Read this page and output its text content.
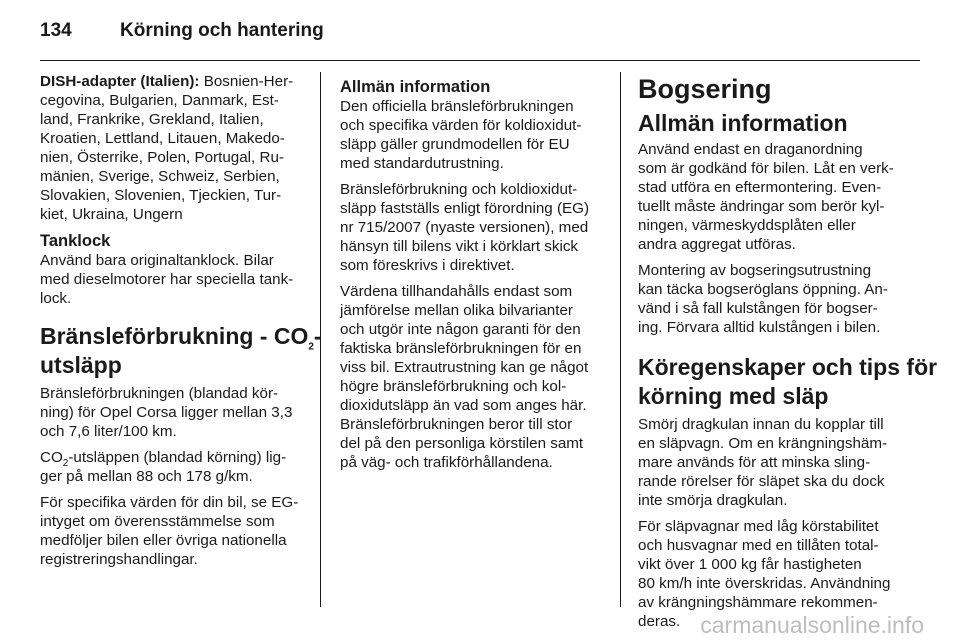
134	Körning och hantering

DISH-adapter (Italien): Bosnien-Her-
cegovina, Bulgarien, Danmark, Est-
land, Frankrike, Grekland, Italien,
Kroatien, Lettland, Litauen, Makedo-
nien, Österrike, Polen, Portugal, Ru-
mänien, Sverige, Schweiz, Serbien,
Slovakien, Slovenien, Tjeckien, Tur-
kiet, Ukraina, Ungern

Tanklock

Använd bara originaltanklock. Bilar
med dieselmotorer har speciella tank-
lock.

Bränsleförbrukning - $CO_2-$
utsläpp

Bränsleförbrukningen (blandad kör-
ning) för Opel Corsa ligger mellan 3,3
och 7,6 liter/100 km.

$CO_2$-utsläppen (blandad körning) lig-
ger på mellan 88 och 178 g/km.

För specifika värden för din bil, se EG-
intyget om överensstämmelse som
medföljer bilen eller övriga nationella
registreringshandlingar.

Allmän information

Den officiella bränsleförbrukningen
och specifika värden för koldioxidut-
släpp gäller grundmodellen för EU
med standardutrustning.

Bränsleförbrukning och koldioxidut-
släpp fastställs enligt förordning (EG)
nr 715/2007 (nyaste versionen), med
hänsyn till bilens vikt i körklart skick
som föreskrivs i direktivet.

Värdena tillhandahålls endast som
jämförelse mellan olika bilvarianter
och utgör inte någon garanti för den
faktiska bränsleförbrukningen för en
viss bil. Extrautrustning kan ge något
högre bränsleförbrukning och kol-
dioxidutsläpp än vad som anges här.
Bränsleförbrukningen beror till stor
del på den personliga körstilen samt
på väg- och trafikförhållandena.

Bogsering
Allmän information

Använd endast en draganordning
som är godkänd för bilen. Låt en verk-
stad utföra en eftermontering. Even-
tuellt måste ändringar som berör kyl-
ningen, värmeskyddsplåten eller
andra aggregat utföras.

Montering av bogseringsutrustning
kan täcka bogseröglans öppning. An-
vänd i så fall kulstången för bogser-
ing. Förvara alltid kulstången i bilen.

Köregenskaper och tips för
körning med släp

Smörj dragkulan innan du kopplar till
en släpvagn. Om en krängningshäm-
mare används för att minska sling-
rande rörelser för släpet ska du dock
inte smörja dragkulan.

För släpvagnar med låg körstabilitet
och husvagnar med en tillåten total-
vikt över 1 000 kg får hastigheten
80 km/h inte överskridas. Användning
av krängningshämmare rekommen-
deras. carmanualsonline.info
